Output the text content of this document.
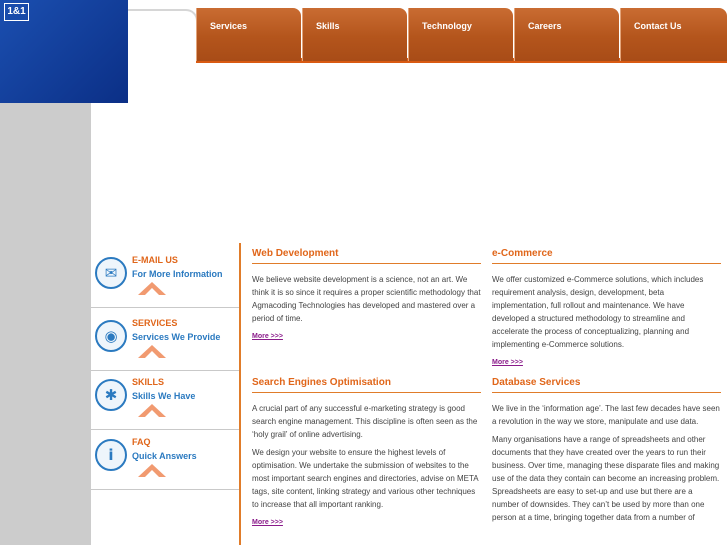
1&1
Services	Skills	Technology	Careers	Contact Us
✉
E-MAIL US
For More Information
◉
SERVICES
Services We Provide
✱
SKILLS
Skills We Have
i
FAQ
Quick Answers
Web Development
We believe website development is a science, not an art. We think it is so since it requires a proper scientific methodology that Agmacoding Technologies has developed and mastered over a period of time.
More >>>
e-Commerce
We offer customized e-Commerce solutions, which includes requirement analysis, design, development, beta implementation, full rollout and maintenance. We have developed a structured methodology to streamline and accelerate the process of conceptualizing, planning and implementing e-Commerce solutions.
More >>>
Search Engines Optimisation
A crucial part of any successful e-marketing strategy is good search engine management. This discipline is often seen as the ‘holy grail’ of online advertising.
We design your website to ensure the highest levels of optimisation. We undertake the submission of websites to the most important search engines and directories, advise on META tags, site content, linking strategy and various other techniques to increase that all important ranking.
More >>>
Database Services
We live in the ‘information age’. The last few decades have seen a revolution in the way we store, manipulate and use data.
Many organisations have a range of spreadsheets and other documents that they have created over the years to run their business. Over time, managing these disparate files and making use of the data they contain can become an increasing problem. Spreadsheets are easy to set-up and use but there are a number of downsides. They can’t be used by more than one person at a time, bringing together data from a number of
